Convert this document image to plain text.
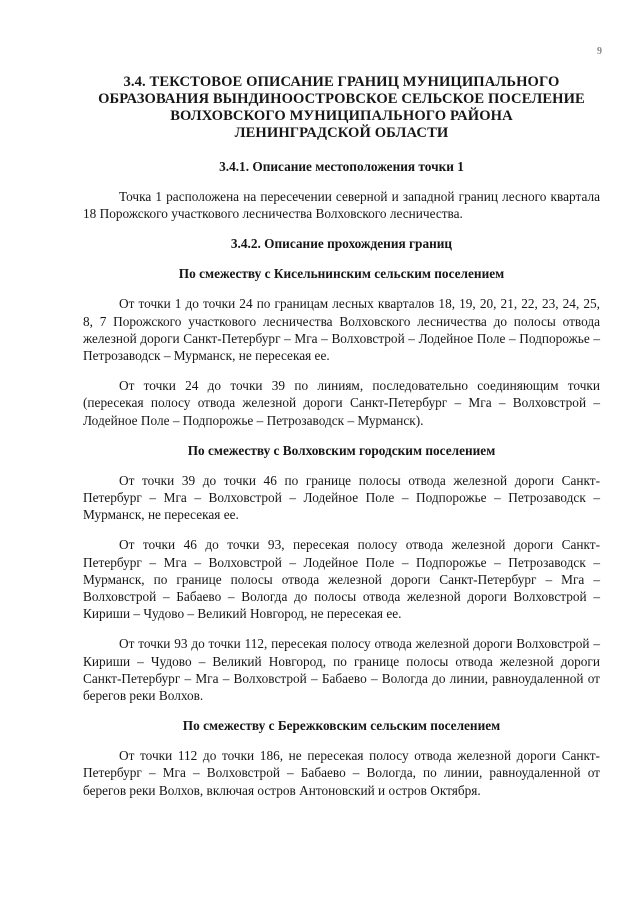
9
3.4. ТЕКСТОВОЕ ОПИСАНИЕ ГРАНИЦ МУНИЦИПАЛЬНОГО
ОБРАЗОВАНИЯ ВЫНДИНООСТРОВСКОЕ СЕЛЬСКОЕ ПОСЕЛЕНИЕ
ВОЛХОВСКОГО МУНИЦИПАЛЬНОГО РАЙОНА
ЛЕНИНГРАДСКОЙ ОБЛАСТИ
3.4.1. Описание местоположения точки 1

Точка 1 расположена на пересечении северной и западной границ лесного квартала 18 Порожского участкового лесничества Волховского лесничества.

3.4.2. Описание прохождения границ
По смежеству с Кисельнинским сельским поселением

От точки 1 до точки 24 по границам лесных кварталов 18, 19, 20, 21, 22, 23, 24, 25, 8, 7 Порожского участкового лесничества Волховского лесничества до полосы отвода железной дороги Санкт-Петербург – Мга – Волховстрой – Лодейное Поле – Подпорожье – Петрозаводск – Мурманск, не пересекая ее.

От точки 24 до точки 39 по линиям, последовательно соединяющим точки (пересекая полосу отвода железной дороги Санкт-Петербург – Мга – Волховстрой – Лодейное Поле – Подпорожье – Петрозаводск – Мурманск).

По смежеству с Волховским городским поселением

От точки 39 до точки 46 по границе полосы отвода железной дороги Санкт-Петербург – Мга – Волховстрой – Лодейное Поле – Подпорожье – Петрозаводск – Мурманск, не пересекая ее.

От точки 46 до точки 93, пересекая полосу отвода железной дороги Санкт-Петербург – Мга – Волховстрой – Лодейное Поле – Подпорожье – Петрозаводск – Мурманск, по границе полосы отвода железной дороги Санкт-Петербург – Мга – Волховстрой – Бабаево – Вологда до полосы отвода железной дороги Волховстрой – Кириши – Чудово – Великий Новгород, не пересекая ее.

От точки 93 до точки 112, пересекая полосу отвода железной дороги Волховстрой – Кириши – Чудово – Великий Новгород, по границе полосы отвода железной дороги Санкт-Петербург – Мга – Волховстрой – Бабаево – Вологда до линии, равноудаленной от берегов реки Волхов.

По смежеству с Бережковским сельским поселением

От точки 112 до точки 186, не пересекая полосу отвода железной дороги Санкт-Петербург – Мга – Волховстрой – Бабаево – Вологда, по линии, равноудаленной от берегов реки Волхов, включая остров Антоновский и остров Октября.
